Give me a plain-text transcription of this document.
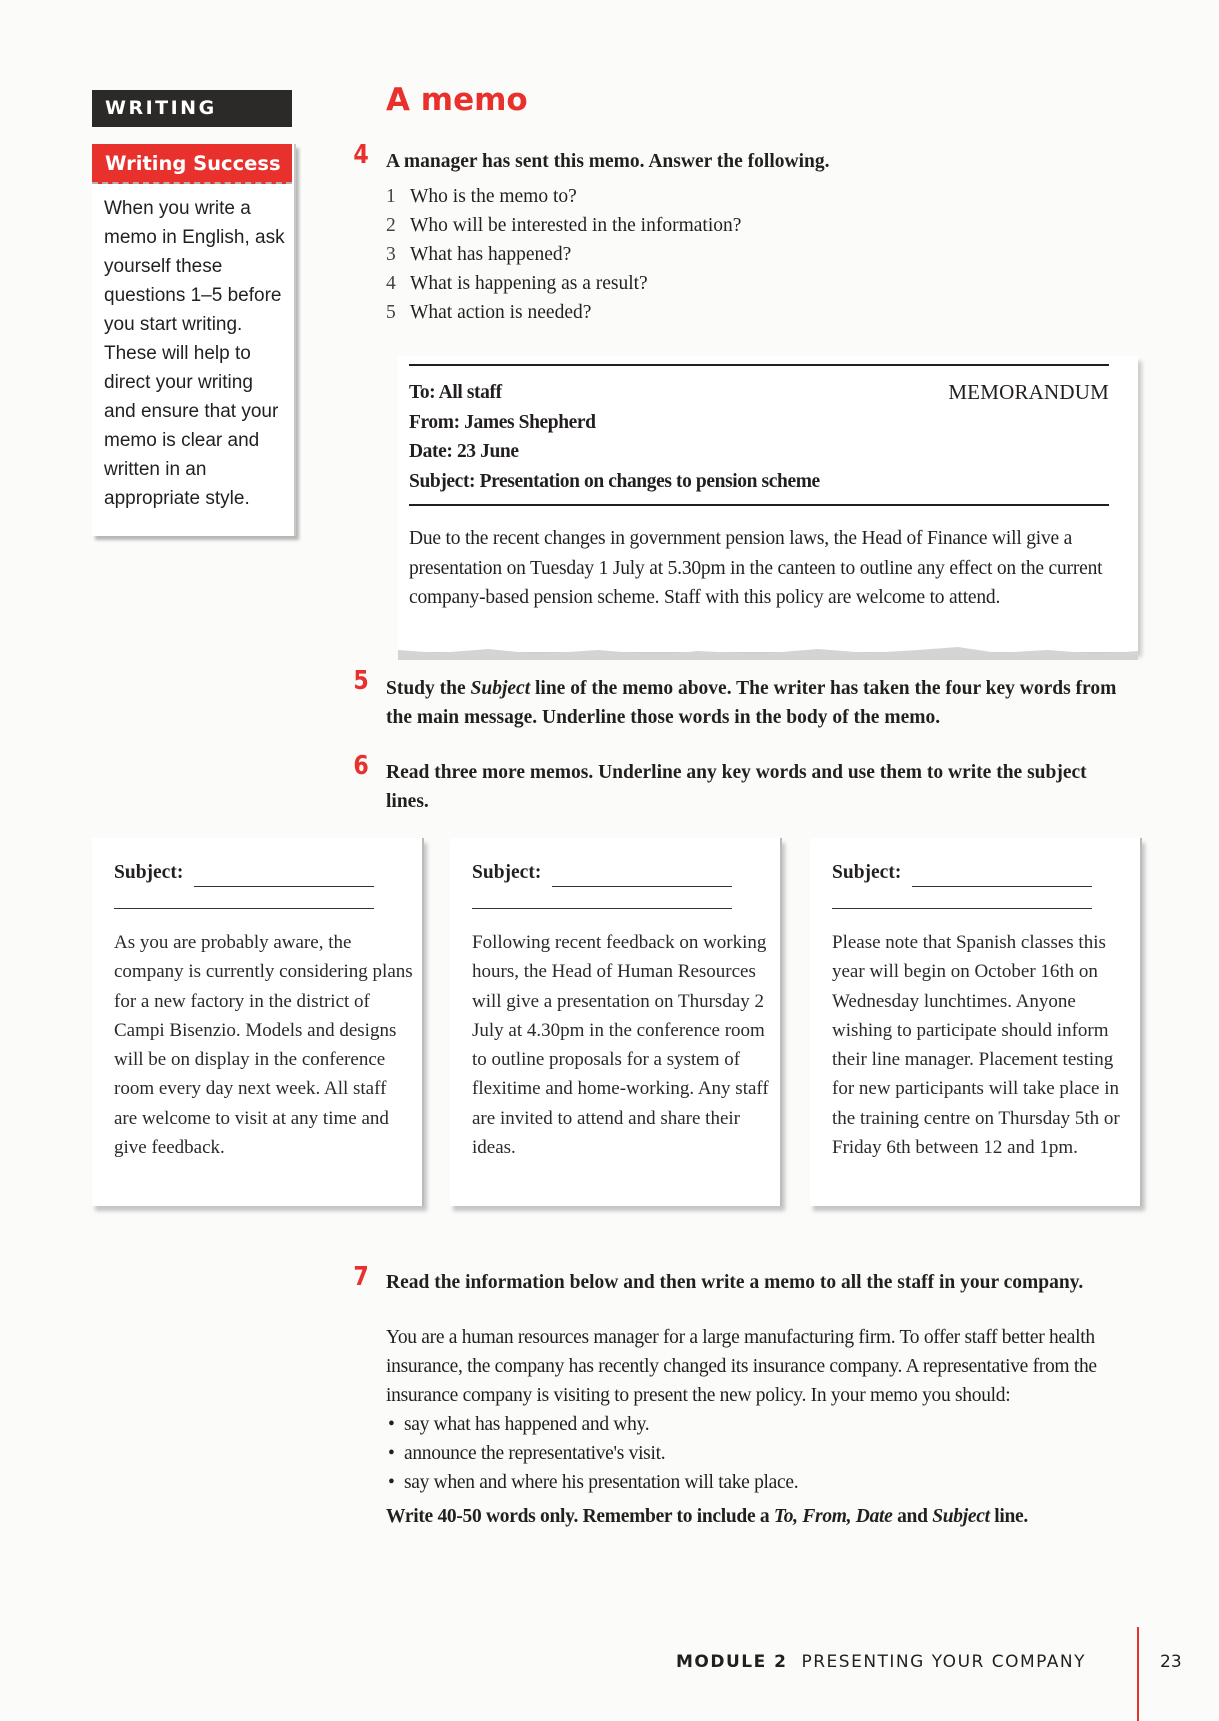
WRITING
Writing Success
When you write a memo in English, ask yourself these questions 1–5 before you start writing. These will help to direct your writing and ensure that your memo is clear and written in an appropriate style.
A memo
4 A manager has sent this memo. Answer the following.
1 Who is the memo to?
2 Who will be interested in the information?
3 What has happened?
4 What is happening as a result?
5 What action is needed?
To: All staff
From: James Shepherd
Date: 23 June
Subject: Presentation on changes to pension scheme
MEMORANDUM
Due to the recent changes in government pension laws, the Head of Finance will give a presentation on Tuesday 1 July at 5.30pm in the canteen to outline any effect on the current company-based pension scheme. Staff with this policy are welcome to attend.
5 Study the Subject line of the memo above. The writer has taken the four key words from the main message. Underline those words in the body of the memo.
6 Read three more memos. Underline any key words and use them to write the subject lines.
Subject:
As you are probably aware, the company is currently considering plans for a new factory in the district of Campi Bisenzio. Models and designs will be on display in the conference room every day next week. All staff are welcome to visit at any time and give feedback.
Subject:
Following recent feedback on working hours, the Head of Human Resources will give a presentation on Thursday 2 July at 4.30pm in the conference room to outline proposals for a system of flexitime and home-working. Any staff are invited to attend and share their ideas.
Subject:
Please note that Spanish classes this year will begin on October 16th on Wednesday lunchtimes. Anyone wishing to participate should inform their line manager. Placement testing for new participants will take place in the training centre on Thursday 5th or Friday 6th between 12 and 1pm.
7 Read the information below and then write a memo to all the staff in your company.
You are a human resources manager for a large manufacturing firm. To offer staff better health insurance, the company has recently changed its insurance company. A representative from the insurance company is visiting to present the new policy. In your memo you should:
• say what has happened and why.
• announce the representative's visit.
• say when and where his presentation will take place.
Write 40-50 words only. Remember to include a To, From, Date and Subject line.
MODULE 2 PRESENTING YOUR COMPANY	23
